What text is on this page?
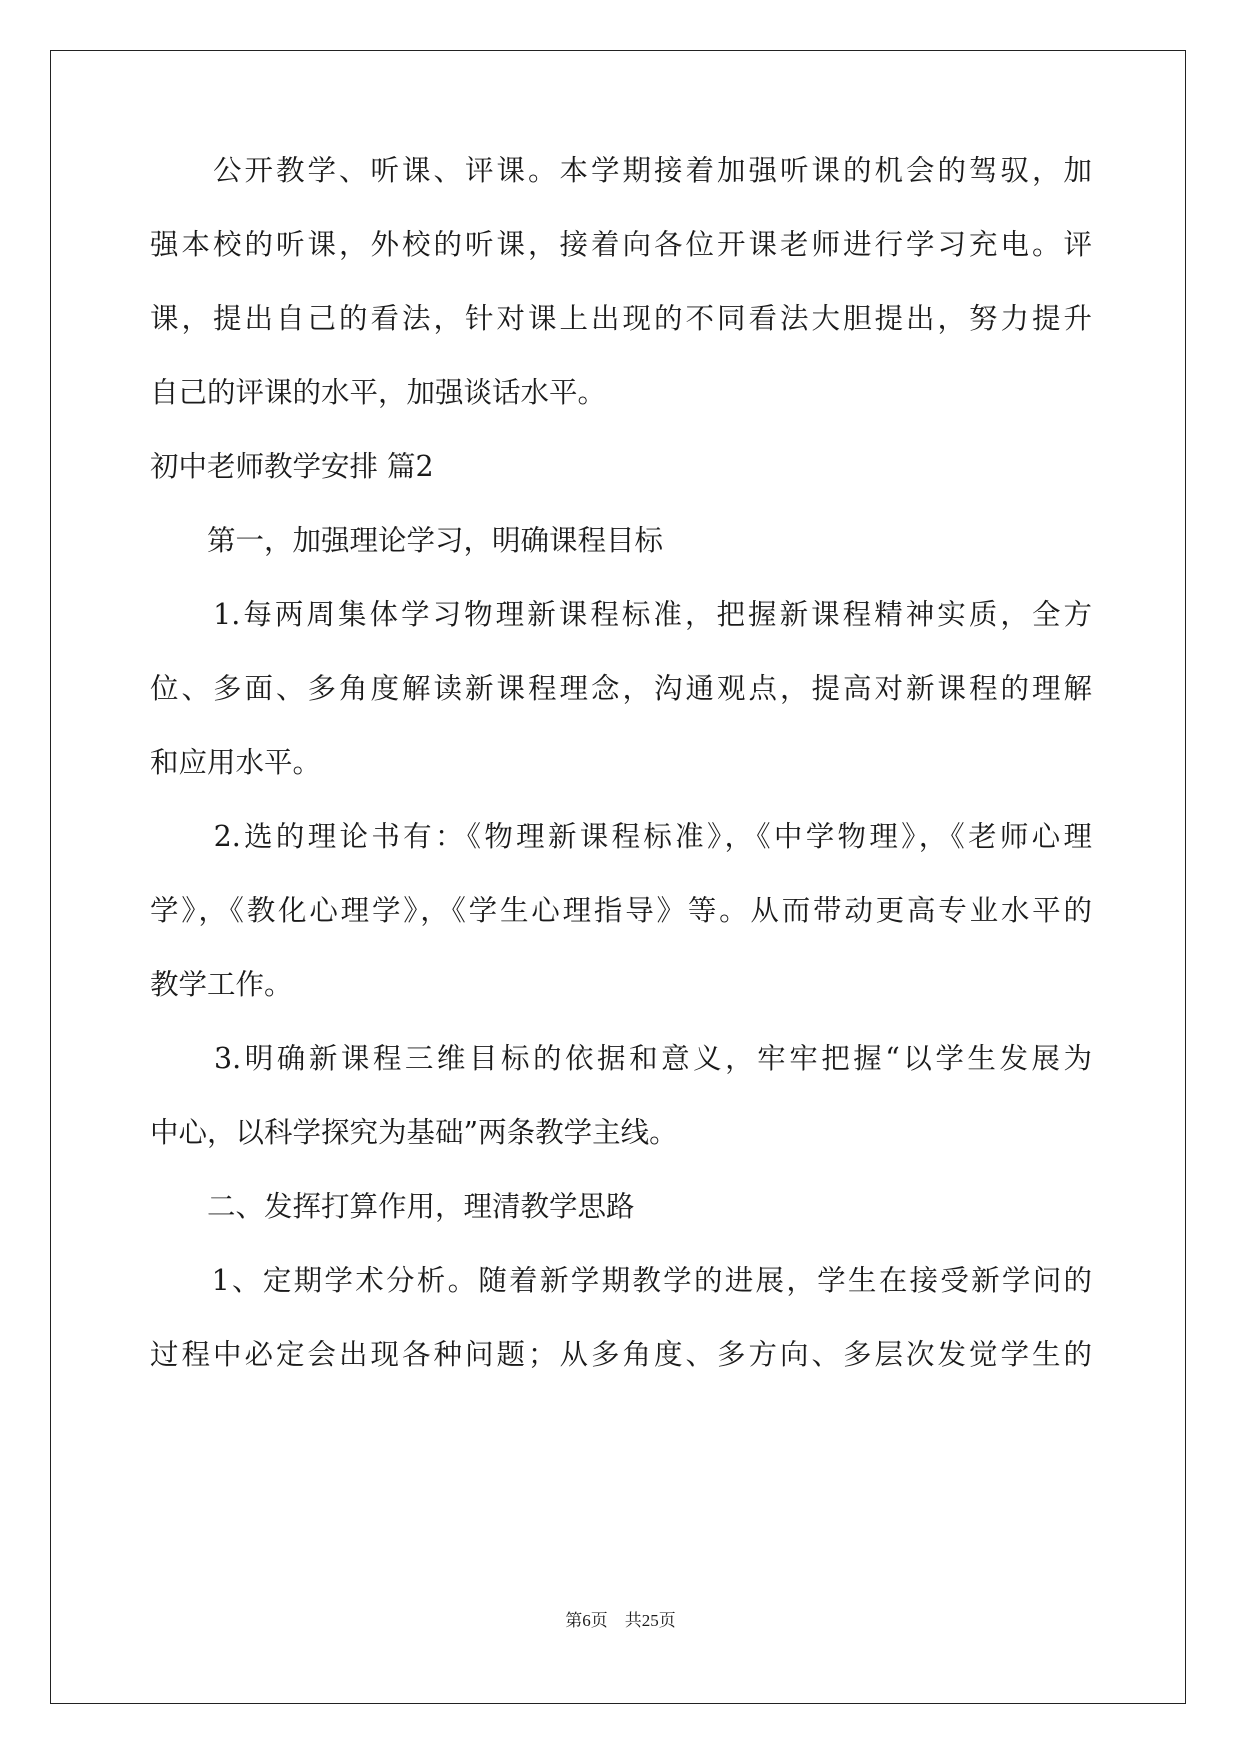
　　公开教学、听课、评课。本学期接着加强听课的机会的驾驭，加
强本校的听课，外校的听课，接着向各位开课老师进行学习充电。评
课，提出自己的看法，针对课上出现的不同看法大胆提出，努力提升
自己的评课的水平，加强谈话水平。
初中老师教学安排 篇2
　　第一，加强理论学习，明确课程目标
　　1.每两周集体学习物理新课程标准，把握新课程精神实质，全方
位、多面、多角度解读新课程理念，沟通观点，提高对新课程的理解
和应用水平。
　　2.选的理论书有：《物理新课程标准》，《中学物理》，《老师心理
学》，《教化心理学》，《学生心理指导》等。从而带动更高专业水平的
教学工作。
　　3.明确新课程三维目标的依据和意义，牢牢把握“以学生发展为
中心，以科学探究为基础”两条教学主线。
　　二、发挥打算作用，理清教学思路
　　1、定期学术分析。随着新学期教学的进展，学生在接受新学问的
过程中必定会出现各种问题；从多角度、多方向、多层次发觉学生的
第6页　共25页
